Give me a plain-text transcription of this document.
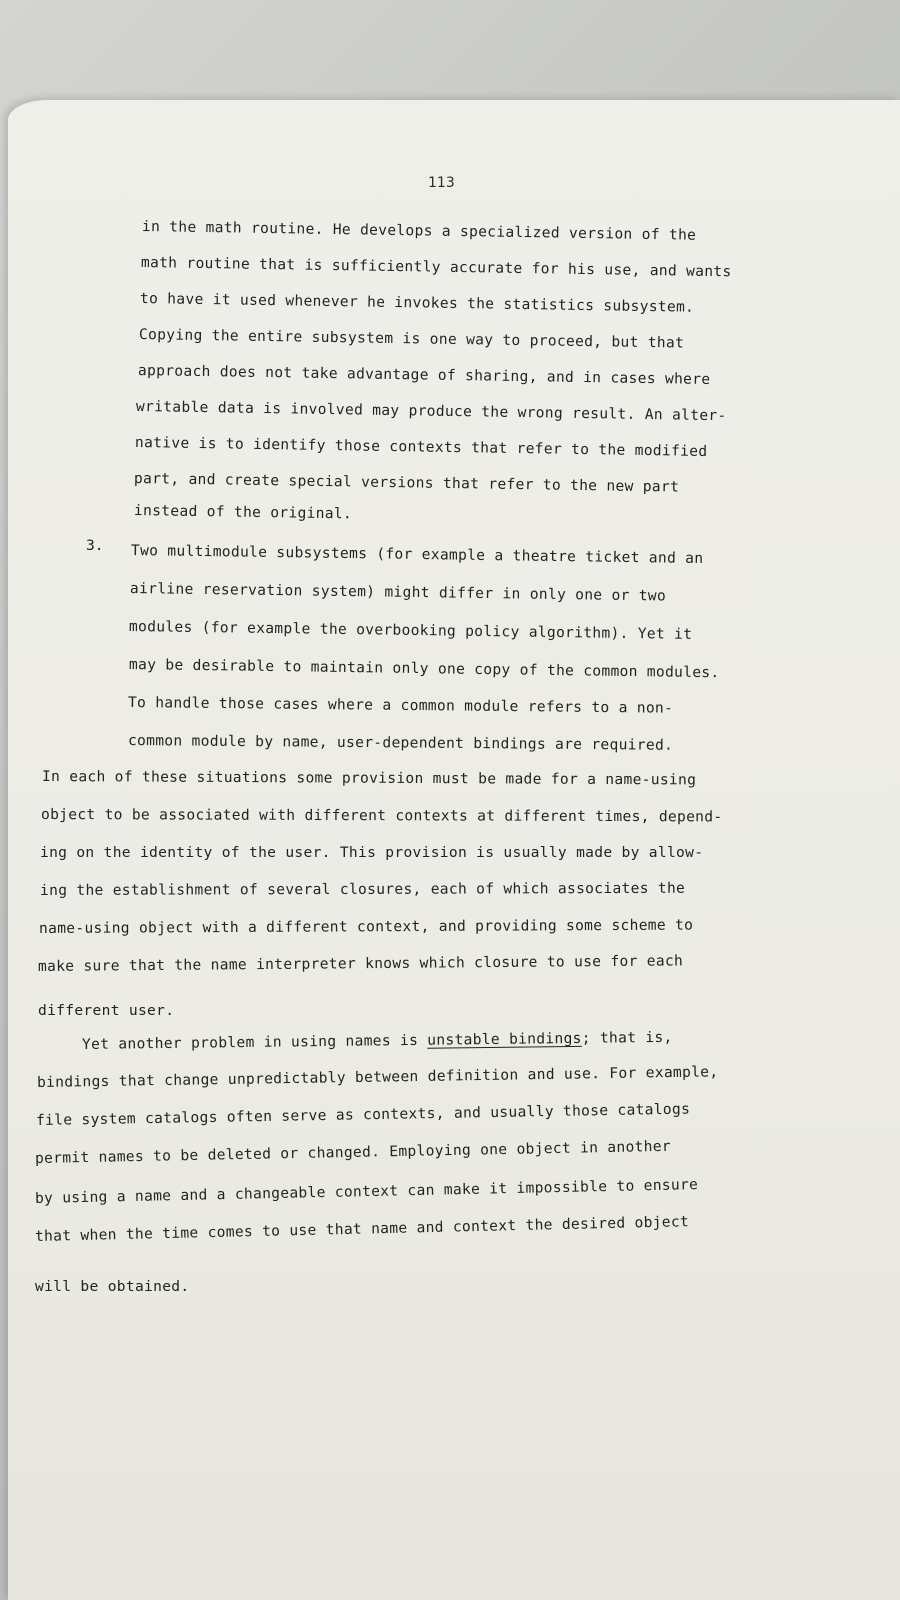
113
in the math routine. He develops a specialized version of the
math routine that is sufficiently accurate for his use, and wants
to have it used whenever he invokes the statistics subsystem.
Copying the entire subsystem is one way to proceed, but that
approach does not take advantage of sharing, and in cases where
writable data is involved may produce the wrong result. An alter-
native is to identify those contexts that refer to the modified
part, and create special versions that refer to the new part
instead of the original.
3. Two multimodule subsystems (for example a theatre ticket and an
airline reservation system) might differ in only one or two
modules (for example the overbooking policy algorithm). Yet it
may be desirable to maintain only one copy of the common modules.
To handle those cases where a common module refers to a non-
common module by name, user-dependent bindings are required.
In each of these situations some provision must be made for a name-using
object to be associated with different contexts at different times, depend-
ing on the identity of the user. This provision is usually made by allow-
ing the establishment of several closures, each of which associates the
name-using object with a different context, and providing some scheme to
make sure that the name interpreter knows which closure to use for each
different user.
Yet another problem in using names is unstable bindings; that is,
bindings that change unpredictably between definition and use. For example,
file system catalogs often serve as contexts, and usually those catalogs
permit names to be deleted or changed. Employing one object in another
by using a name and a changeable context can make it impossible to ensure
that when the time comes to use that name and context the desired object
will be obtained.
